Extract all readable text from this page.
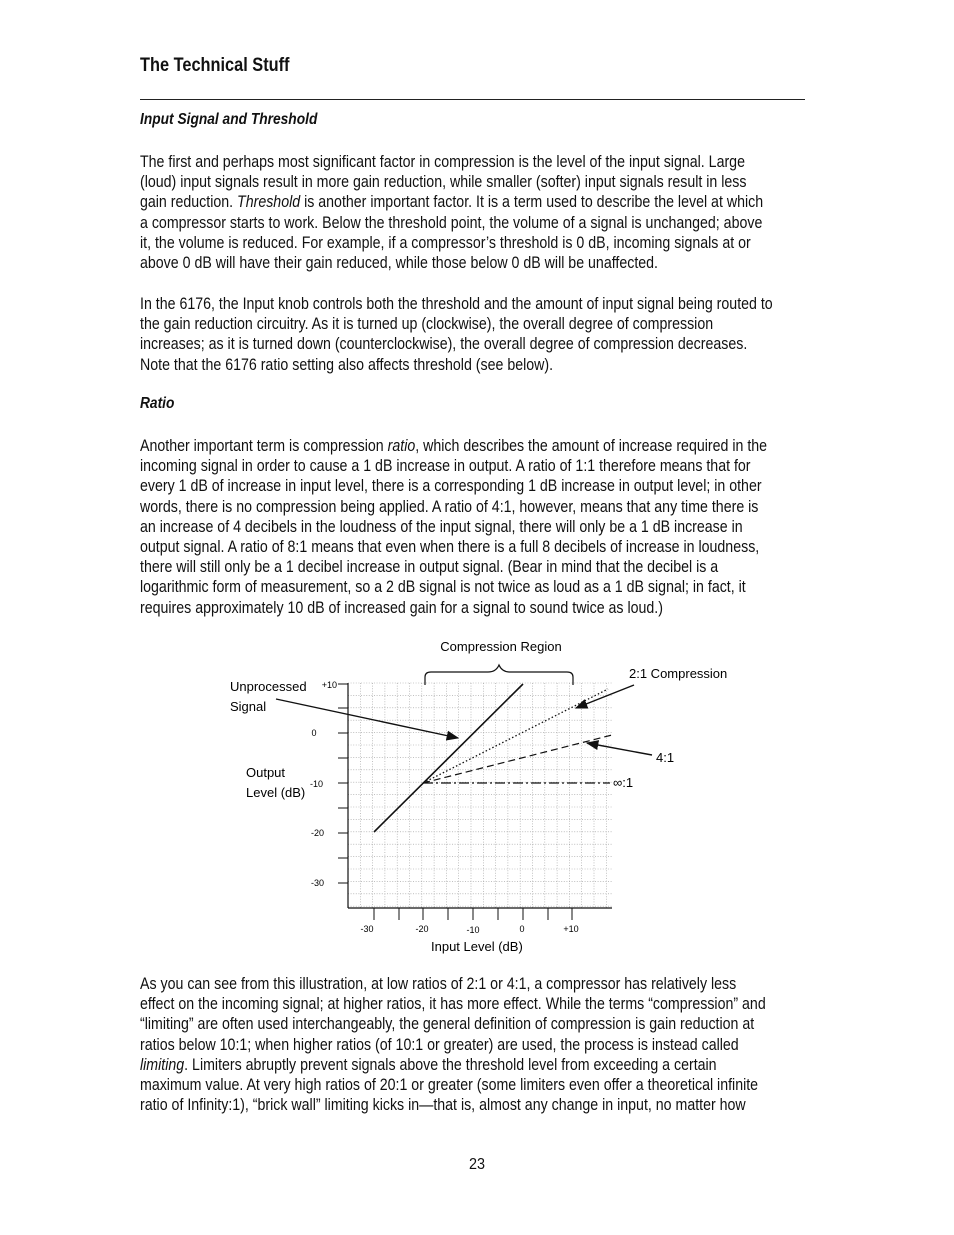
The Technical Stuff
Input Signal and Threshold
The first and perhaps most significant factor in compression is the level of the input signal. Large
(loud) input signals result in more gain reduction, while smaller (softer) input signals result in less
gain reduction. Threshold is another important factor. It is a term used to describe the level at which
a compressor starts to work. Below the threshold point, the volume of a signal is unchanged; above
it, the volume is reduced. For example, if a compressor’s threshold is 0 dB, incoming signals at or
above 0 dB will have their gain reduced, while those below 0 dB will be unaffected.
In the 6176, the Input knob controls both the threshold and the amount of input signal being routed to
the gain reduction circuitry. As it is turned up (clockwise), the overall degree of compression
increases; as it is turned down (counterclockwise), the overall degree of compression decreases.
Note that the 6176 ratio setting also affects threshold (see below).
Ratio
Another important term is compression ratio, which describes the amount of increase required in the
incoming signal in order to cause a 1 dB increase in output. A ratio of 1:1 therefore means that for
every 1 dB of increase in input level, there is a corresponding 1 dB increase in output level; in other
words, there is no compression being applied. A ratio of 4:1, however, means that any time there is
an increase of 4 decibels in the loudness of the input signal, there will only be a 1 dB increase in
output signal. A ratio of 8:1 means that even when there is a full 8 decibels of increase in loudness,
there will still only be a 1 decibel increase in output signal. (Bear in mind that the decibel is a
logarithmic form of measurement, so a 2 dB signal is not twice as loud as a 1 dB signal; in fact, it
requires approximately 10 dB of increased gain for a signal to sound twice as loud.)
+10
0
-10
-20
-30
-30	-20	-10	0	+10
Compression Region
Unprocessed
Signal
Output
Level (dB)
Input Level (dB)
2:1 Compression
4:1
∞:1
As you can see from this illustration, at low ratios of 2:1 or 4:1, a compressor has relatively less
effect on the incoming signal; at higher ratios, it has more effect. While the terms “compression” and
“limiting” are often used interchangeably, the general definition of compression is gain reduction at
ratios below 10:1; when higher ratios (of 10:1 or greater) are used, the process is instead called
limiting. Limiters abruptly prevent signals above the threshold level from exceeding a certain
maximum value. At very high ratios of 20:1 or greater (some limiters even offer a theoretical infinite
ratio of Infinity:1), “brick wall” limiting kicks in—that is, almost any change in input, no matter how
23
